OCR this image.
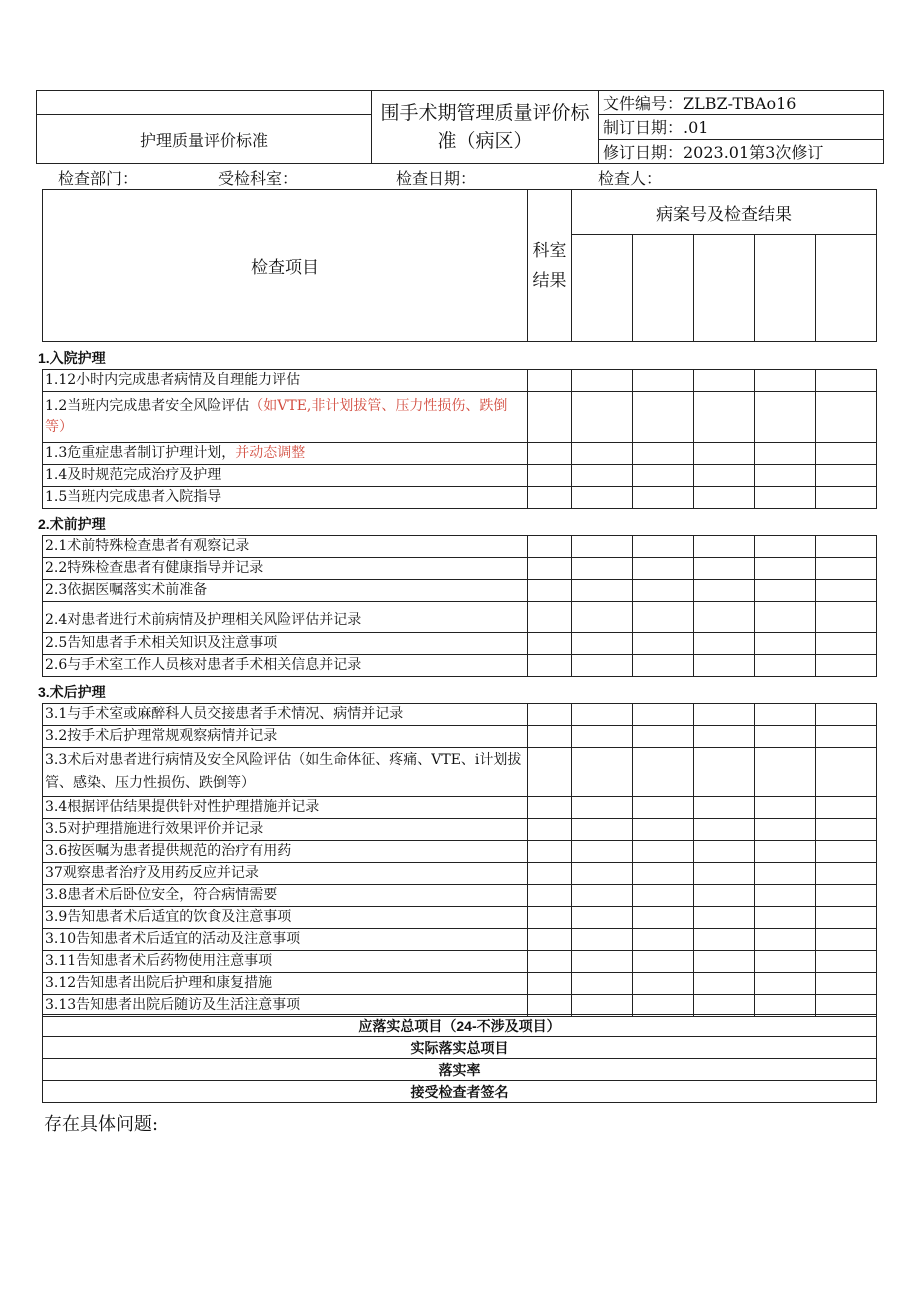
	围手术期管理质量评价标准（病区）	文件编号：ZLBZ-TBAo16
护理质量评价标准		制订日期：.01
		修订日期：2023.01第3次修订
检查部门：	受检科室：	检查日期：	检查人：
检查项目	科室结果	病案号及检查结果				

1.入院护理
1.12小时内完成患者病情及自理能力评估						
1.2当班内完成患者安全风险评估（如VTE,非计划拔管、压力性损伤、跌倒等）						
1.3危重症患者制订护理计划，并动态调整						
1.4及时规范完成治疗及护理						
1.5当班内完成患者入院指导						
2.术前护理
2.1术前特殊检查患者有观察记录						
2.2特殊检查患者有健康指导并记录						
2.3依据医嘱落实术前准备						
2.4对患者进行术前病情及护理相关风险评估并记录						
2.5告知患者手术相关知识及注意事项						
2.6与手术室工作人员核对患者手术相关信息并记录						
3.术后护理
3.1与手术室或麻醉科人员交接患者手术情况、病情并记录						
3.2按手术后护理常规观察病情并记录						
3.3术后对患者进行病情及安全风险评估（如生命体征、疼痛、VTE、i计划拔管、感染、压力性损伤、跌倒等）						
3.4根据评估结果提供针对性护理措施并记录						
3.5对护理措施进行效果评价并记录						
3.6按医嘱为患者提供规范的治疗有用药						
37观察患者治疗及用药反应并记录						
3.8患者术后卧位安全，符合病情需要						
3.9告知患者术后适宜的饮食及注意事项						
3.10告知患者术后适宜的活动及注意事项						
3.11告知患者术后药物使用注意事项						
3.12告知患者出院后护理和康复措施						
3.13告知患者出院后随访及生活注意事项						
应落实总项目（24-不涉及项目）
实际落实总项目
落实率
接受检查者签名
存在具体问题:
